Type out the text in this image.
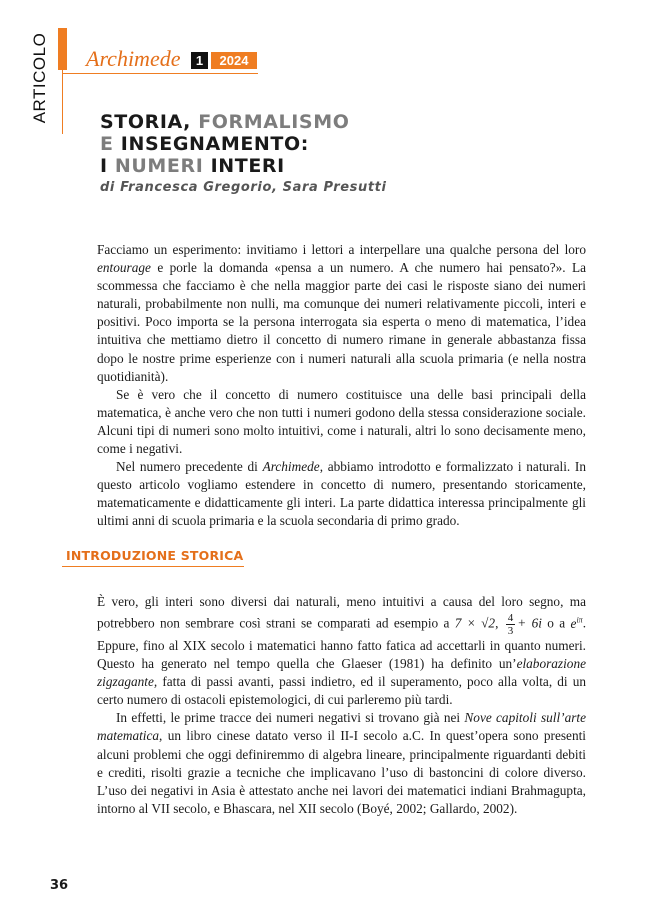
ARTICOLO Archimede	1	2024
STORIA, FORMALISMO
E INSEGNAMENTO:
I NUMERI INTERI
di Francesca Gregorio, Sara Presutti

Facciamo un esperimento: invitiamo i lettori a interpellare una qualche persona del loro entourage e porle la domanda «pensa a un numero. A che numero hai pensato?». La scommessa che facciamo è che nella maggior parte dei casi le risposte siano dei numeri naturali, probabilmente non nulli, ma comunque dei numeri relativamente piccoli, interi e positivi. Poco importa se la persona interrogata sia esperta o meno di matematica, l’idea intuitiva che mettiamo dietro il concetto di numero rimane in generale abbastanza fissa dopo le nostre prime esperienze con i numeri naturali alla scuola primaria (e nella nostra quotidianità).

Se è vero che il concetto di numero costituisce una delle basi principali della matematica, è anche vero che non tutti i numeri godono della stessa considerazione sociale. Alcuni tipi di numeri sono molto intuitivi, come i naturali, altri lo sono decisamente meno, come i negativi.

Nel numero precedente di Archimede, abbiamo introdotto e formalizzato i naturali. In questo articolo vogliamo estendere in concetto di numero, presentando storicamente, matematicamente e didatticamente gli interi. La parte didattica interessa principalmente gli ultimi anni di scuola primaria e la scuola secondaria di primo grado.

INTRODUZIONE STORICA

È vero, gli interi sono diversi dai naturali, meno intuitivi a causa del loro segno, ma potrebbero non sembrare così strani se comparati ad esempio a 7 × √2, $\frac{4}{3} + 6i$ o a $e^{i\pi}$. Eppure, fino al XIX secolo i matematici hanno fatto fatica ad accettarli in quanto numeri. Questo ha generato nel tempo quella che Glaeser (1981) ha definito un’elaborazione zigzagante, fatta di passi avanti, passi indietro, ed il superamento, poco alla volta, di un certo numero di ostacoli epistemologici, di cui parleremo più tardi.

In effetti, le prime tracce dei numeri negativi si trovano già nei Nove capitoli sull’arte matematica, un libro cinese datato verso il II-I secolo a.C. In quest’opera sono presenti alcuni problemi che oggi definiremmo di algebra lineare, principalmente riguardanti debiti e crediti, risolti grazie a tecniche che implicavano l’uso di bastoncini di colore diverso. L’uso dei negativi in Asia è attestato anche nei lavori dei matematici indiani Brahmagupta, intorno al VII secolo, e Bhascara, nel XII secolo (Boyé, 2002; Gallardo, 2002).

36
